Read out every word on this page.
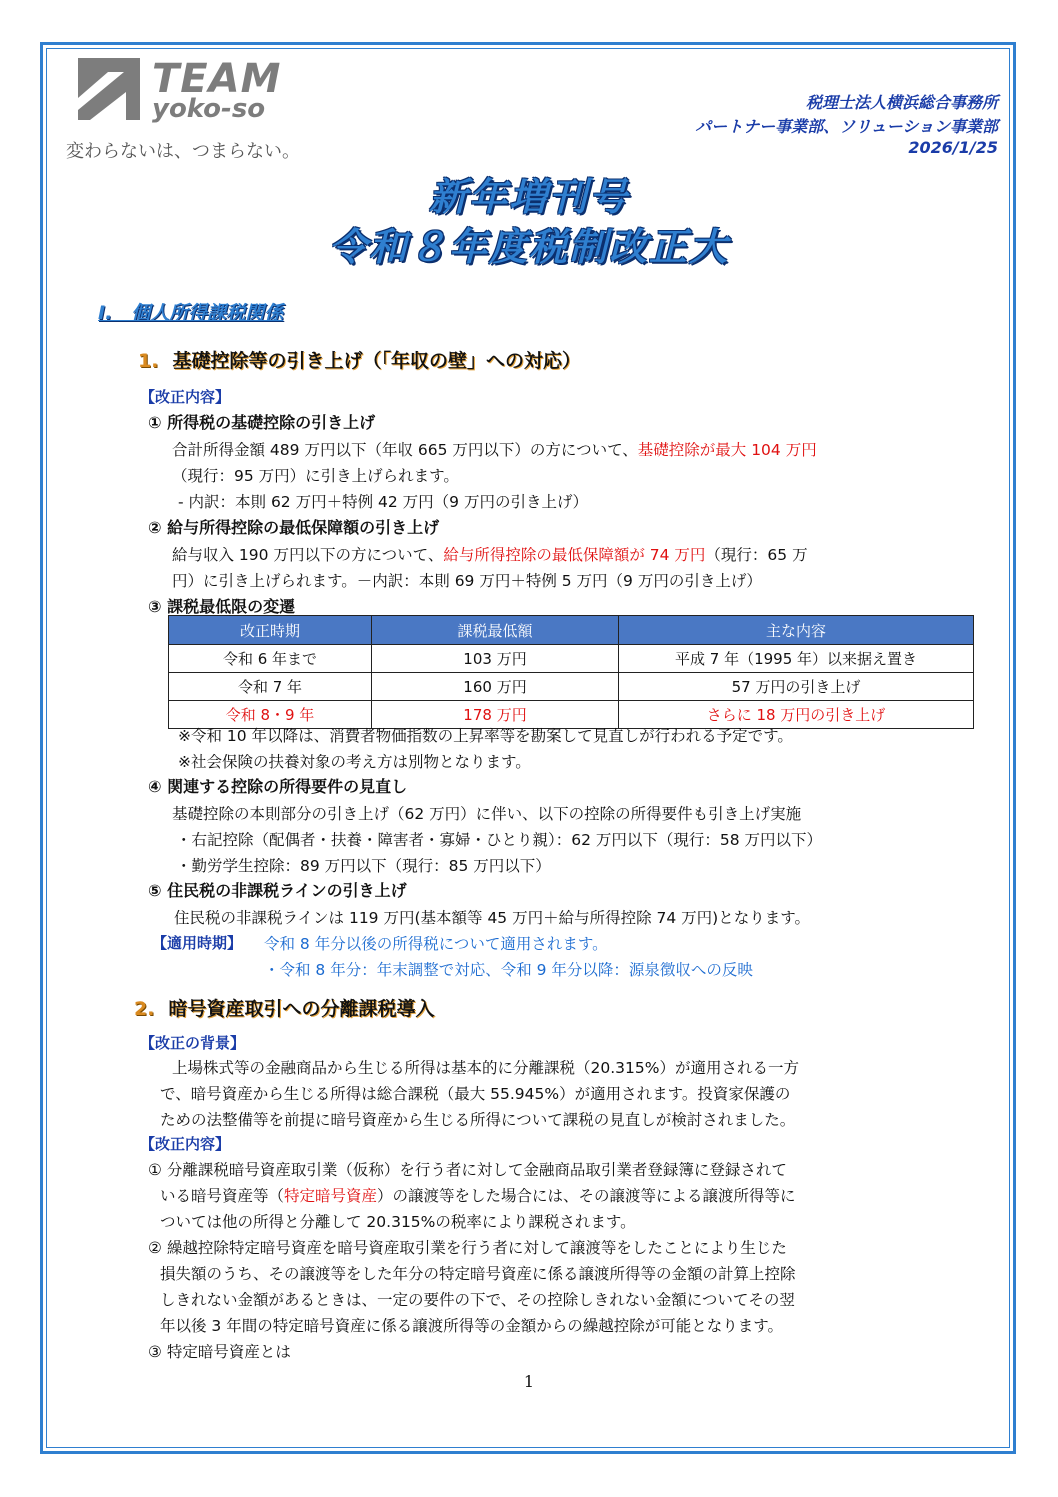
TEAM
yoko-so
変わらないは、つまらない。
税理士法人横浜総合事務所
パートナー事業部、ソリューション事業部
2026/1/25
新年増刊号
令和８年度税制改正大
Ⅰ.　個人所得課税関係
1. 基礎控除等の引き上げ（「年収の壁」への対応）
【改正内容】
① 所得税の基礎控除の引き上げ
合計所得金額 489 万円以下（年収 665 万円以下）の方について、基礎控除が最大 104 万円
（現行：95 万円）に引き上げられます。
- 内訳：本則 62 万円＋特例 42 万円（9 万円の引き上げ）
② 給与所得控除の最低保障額の引き上げ
給与収入 190 万円以下の方について、給与所得控除の最低保障額が 74 万円（現行：65 万
円）に引き上げられます。－内訳：本則 69 万円＋特例 5 万円（9 万円の引き上げ）
③ 課税最低限の変遷
改正時期	課税最低額	主な内容
令和 6 年まで	103 万円	平成 7 年（1995 年）以来据え置き
令和 7 年	160 万円	57 万円の引き上げ
令和 8・9 年	178 万円	さらに 18 万円の引き上げ
※令和 10 年以降は、消費者物価指数の上昇率等を勘案して見直しが行われる予定です。
※社会保険の扶養対象の考え方は別物となります。
④ 関連する控除の所得要件の見直し
基礎控除の本則部分の引き上げ（62 万円）に伴い、以下の控除の所得要件も引き上げ実施
・右記控除（配偶者・扶養・障害者・寡婦・ひとり親）：62 万円以下（現行：58 万円以下）
・勤労学生控除：89 万円以下（現行：85 万円以下）
⑤ 住民税の非課税ラインの引き上げ
住民税の非課税ラインは 119 万円(基本額等 45 万円＋給与所得控除 74 万円)となります。
【適用時期】 令和 8 年分以後の所得税について適用されます。
・令和 8 年分：年末調整で対応、令和 9 年分以降：源泉徴収への反映
2. 暗号資産取引への分離課税導入
【改正の背景】
上場株式等の金融商品から生じる所得は基本的に分離課税（20.315%）が適用される一方
で、暗号資産から生じる所得は総合課税（最大 55.945%）が適用されます。投資家保護の
ための法整備等を前提に暗号資産から生じる所得について課税の見直しが検討されました。
【改正内容】
① 分離課税暗号資産取引業（仮称）を行う者に対して金融商品取引業者登録簿に登録されて
いる暗号資産等（特定暗号資産）の譲渡等をした場合には、その譲渡等による譲渡所得等に
ついては他の所得と分離して 20.315%の税率により課税されます。
② 繰越控除特定暗号資産を暗号資産取引業を行う者に対して譲渡等をしたことにより生じた
損失額のうち、その譲渡等をした年分の特定暗号資産に係る譲渡所得等の金額の計算上控除
しきれない金額があるときは、一定の要件の下で、その控除しきれない金額についてその翌
年以後 3 年間の特定暗号資産に係る譲渡所得等の金額からの繰越控除が可能となります。
③ 特定暗号資産とは
1
